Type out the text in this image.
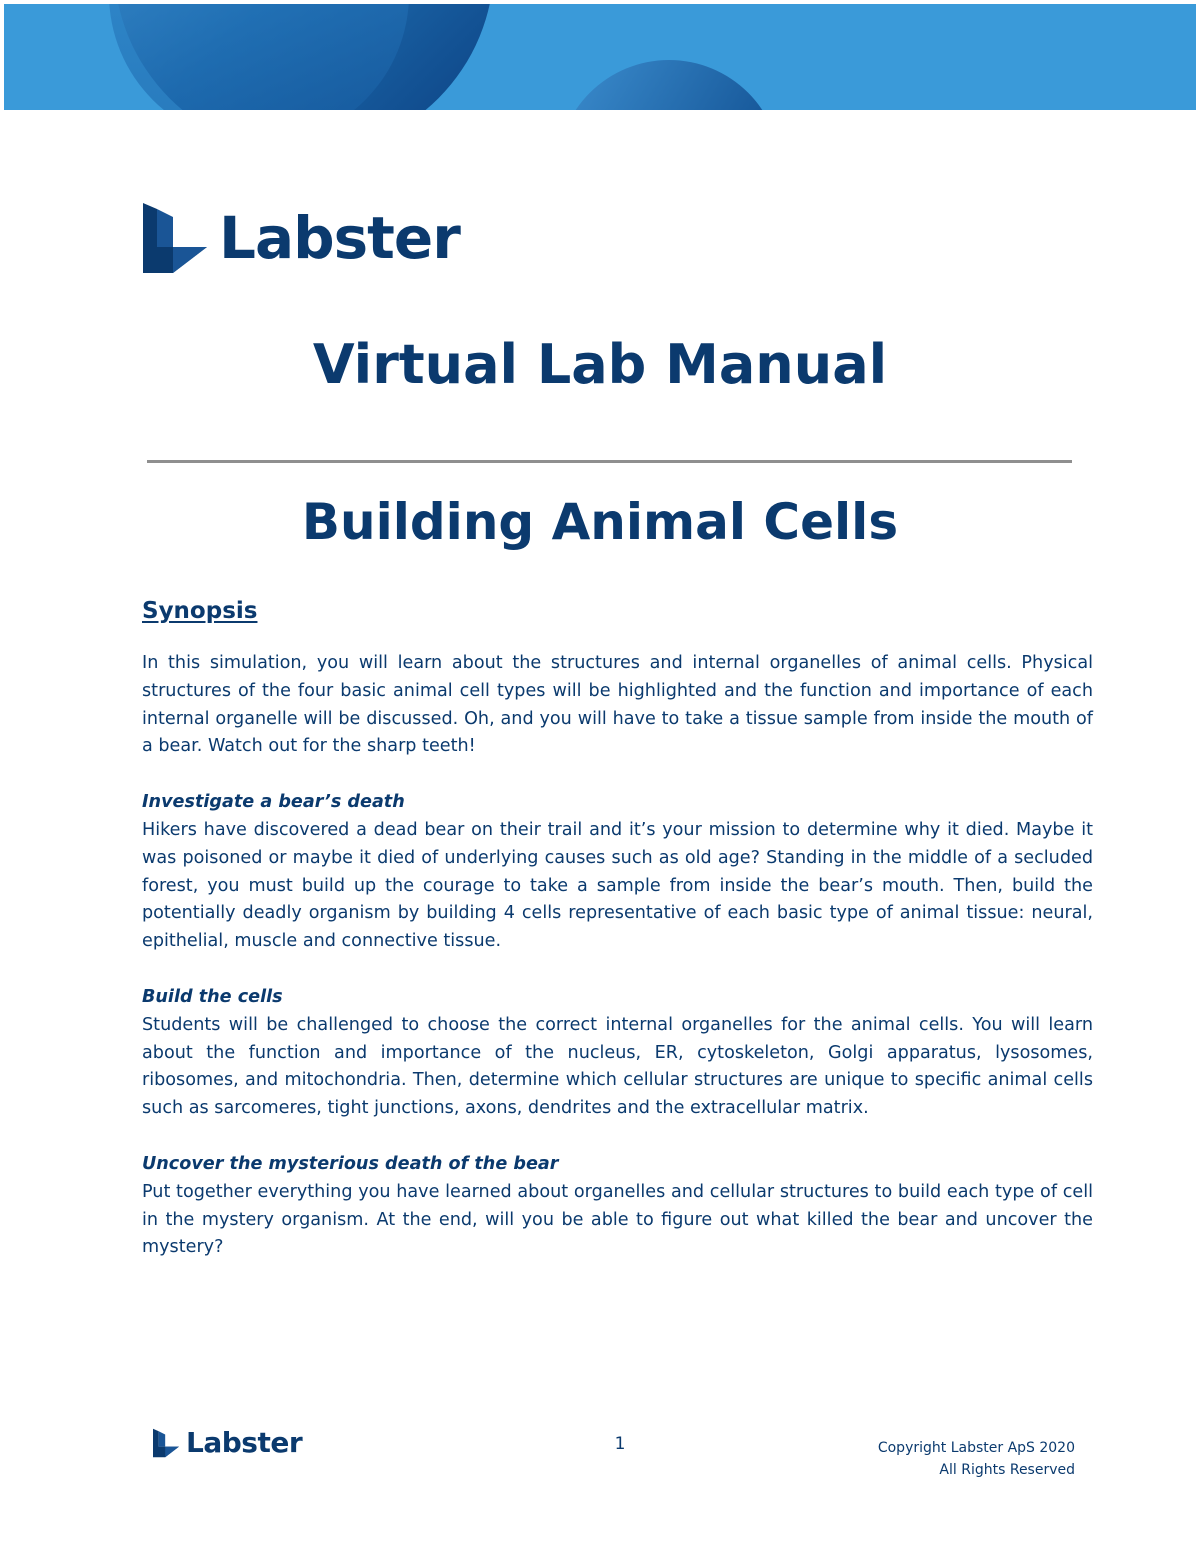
Labster
Virtual Lab Manual
Building Animal Cells
Synopsis

In this simulation, you will learn about the structures and internal organelles of animal cells. Physical structures of the four basic animal cell types will be highlighted and the function and importance of each internal organelle will be discussed. Oh, and you will have to take a tissue sample from inside the mouth of a bear. Watch out for the sharp teeth!

Investigate a bear’s death

Hikers have discovered a dead bear on their trail and it’s your mission to determine why it died. Maybe it was poisoned or maybe it died of underlying causes such as old age? Standing in the middle of a secluded forest, you must build up the courage to take a sample from inside the bear’s mouth. Then, build the potentially deadly organism by building 4 cells representative of each basic type of animal tissue: neural, epithelial, muscle and connective tissue.

Build the cells

Students will be challenged to choose the correct internal organelles for the animal cells. You will learn about the function and importance of the nucleus, ER, cytoskeleton, Golgi apparatus, lysosomes, ribosomes, and mitochondria. Then, determine which cellular structures are unique to specific animal cells such as sarcomeres, tight junctions, axons, dendrites and the extracellular matrix.

Uncover the mysterious death of the bear

Put together everything you have learned about organelles and cellular structures to build each type of cell in the mystery organism. At the end, will you be able to figure out what killed the bear and uncover the mystery?

Labster	1	Copyright Labster ApS 2020
All Rights Reserved
